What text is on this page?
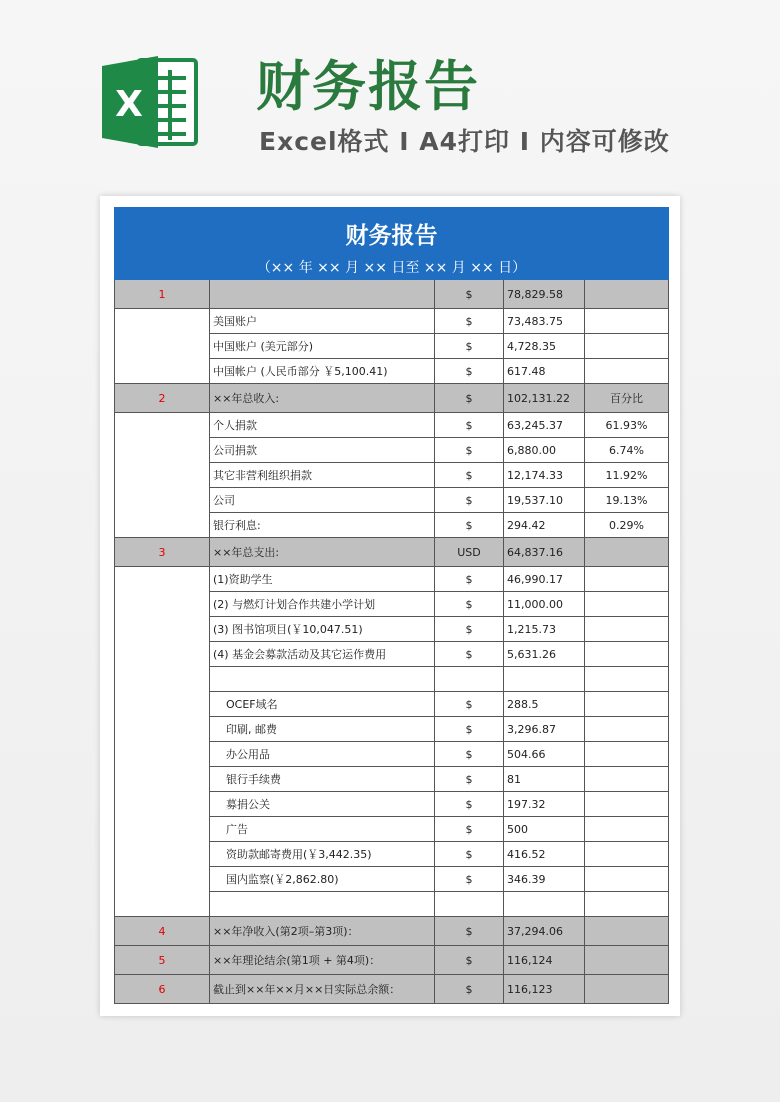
X 财务报告
Excel格式 I A4打印 I 内容可修改
财务报告				
（×× 年 ×× 月 ×× 日至 ×× 月 ×× 日）				
1		$	78,829.58	
	美国账户	$	73,483.75	
	中国账户 (美元部分)	$	4,728.35	
	中国帐户 (人民币部分 ￥5,100.41)	$	617.48	
2	××年总收入:	$	102,131.22	百分比
	个人捐款	$	63,245.37	61.93%
	公司捐款	$	6,880.00	6.74%
	其它非营利组织捐款	$	12,174.33	11.92%
	公司	$	19,537.10	19.13%
	银行利息:	$	294.42	0.29%
3	××年总支出:	USD	64,837.16	
	(1)资助学生	$	46,990.17	
	(2) 与燃灯计划合作共建小学计划	$	11,000.00	
	(3) 图书馆项目(￥10,047.51)	$	1,215.73	
	(4) 基金会募款活动及其它运作费用	$	5,631.26	

	OCEF域名	$	288.5	
	印刷, 邮费	$	3,296.87	
	办公用品	$	504.66	
	银行手续费	$	81	
	募捐公关	$	197.32	
	广告	$	500	
	资助款邮寄费用(￥3,442.35)	$	416.52	
	国内监察(￥2,862.80)	$	346.39	

4	××年净收入(第2项–第3项)：	$	37,294.06	
5	××年理论结余(第1项 + 第4项)：	$	116,124	
6	截止到××年××月××日实际总余额：	$	116,123	
